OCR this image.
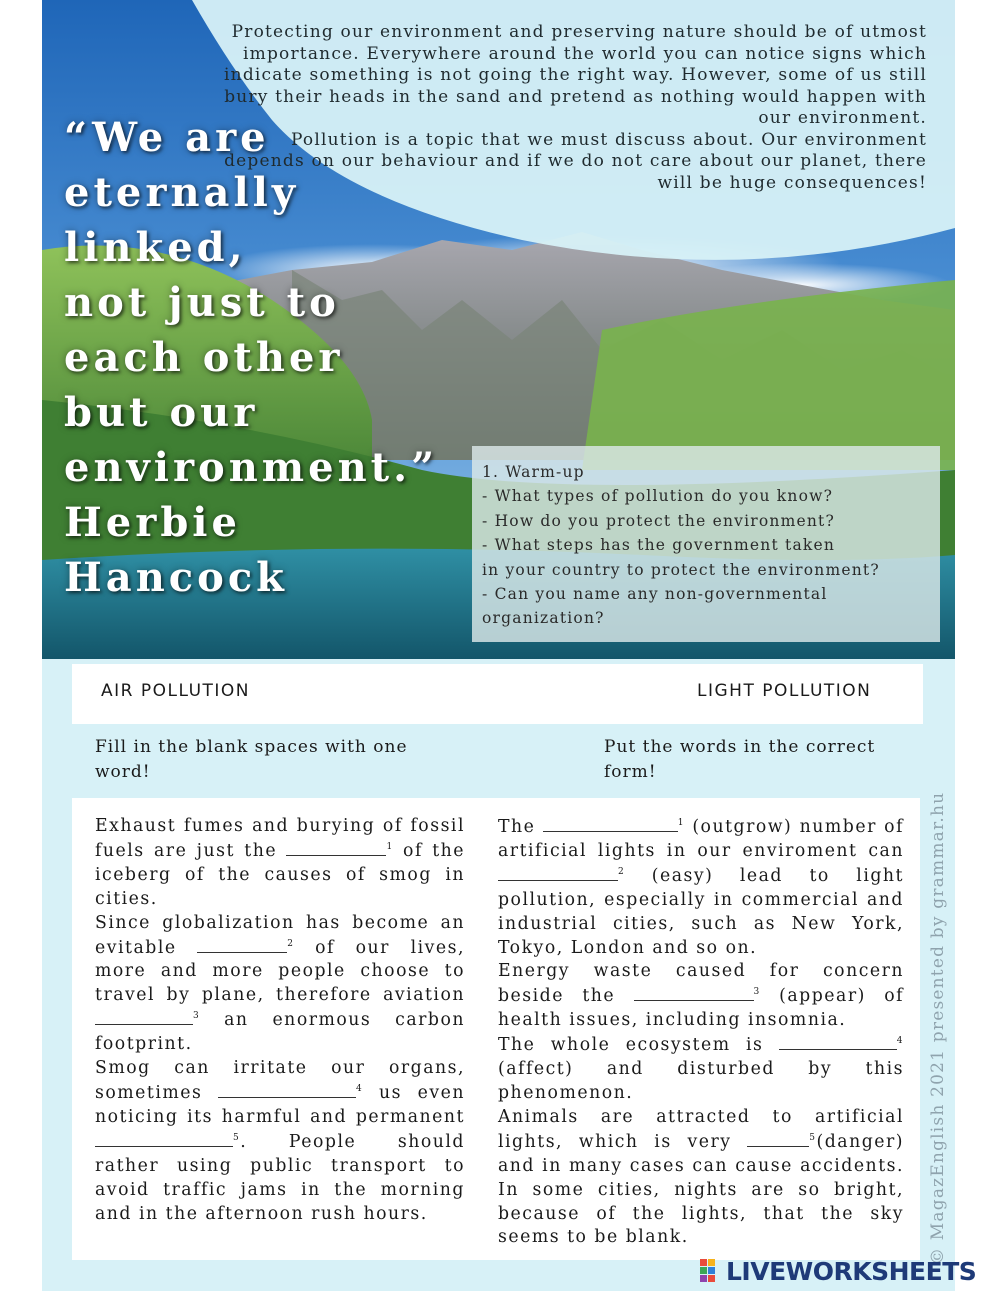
Protecting our environment and preserving nature should be of utmost importance. Everywhere around the world you can notice signs which indicate something is not going the right way. However, some of us still bury their heads in the sand and pretend as nothing would happen with our environment.

Pollution is a topic that we must discuss about. Our environment depends on our behaviour and if we do not care about our planet, there will be huge consequences!

“We are
eternally
linked,
not just to
each other
but our
environment.”
Herbie
Hancock
1. Warm-up
- What types of pollution do you know?
- How do you protect the environment?
- What steps has the government taken
in your country to protect the environment?
- Can you name any non-governmental
organization?
AIR POLLUTION	LIGHT POLLUTION
Fill in the blank spaces with one word!
Put the words in the correct form!

Exhaust fumes and burying of fossil fuels are just the	$^1$ of the iceberg of the causes of smog in cities.

Since globalization has become an evitable	$^2$ of our lives, more and more people choose to travel by plane, therefore aviation $^3$ an enormous carbon footprint.

Smog can irritate our organs, sometimes	$^4$ us even noticing its harmful and permanent $^5$. People should rather using public transport to avoid traffic jams in the morning and in the afternoon rush hours.

The	$^1$ (outgrow) number of artificial lights in our enviroment can $^2$ (easy) lead to light pollution, especially in commercial and industrial cities, such as New York, Tokyo, London and so on.

Energy waste caused for concern beside the	$^3$ (appear) of health issues, including insomnia.

The whole ecosystem is	$^4$ (affect) and disturbed by this phenomenon.

Animals are attracted to artificial lights, which is very	$^5$(danger) and in many cases can cause accidents. In some cities, nights are so bright, because of the lights, that the sky seems to be blank.	© MagazEnglish 2021 presented by grammar.hu
LIVEWORKSHEETS
